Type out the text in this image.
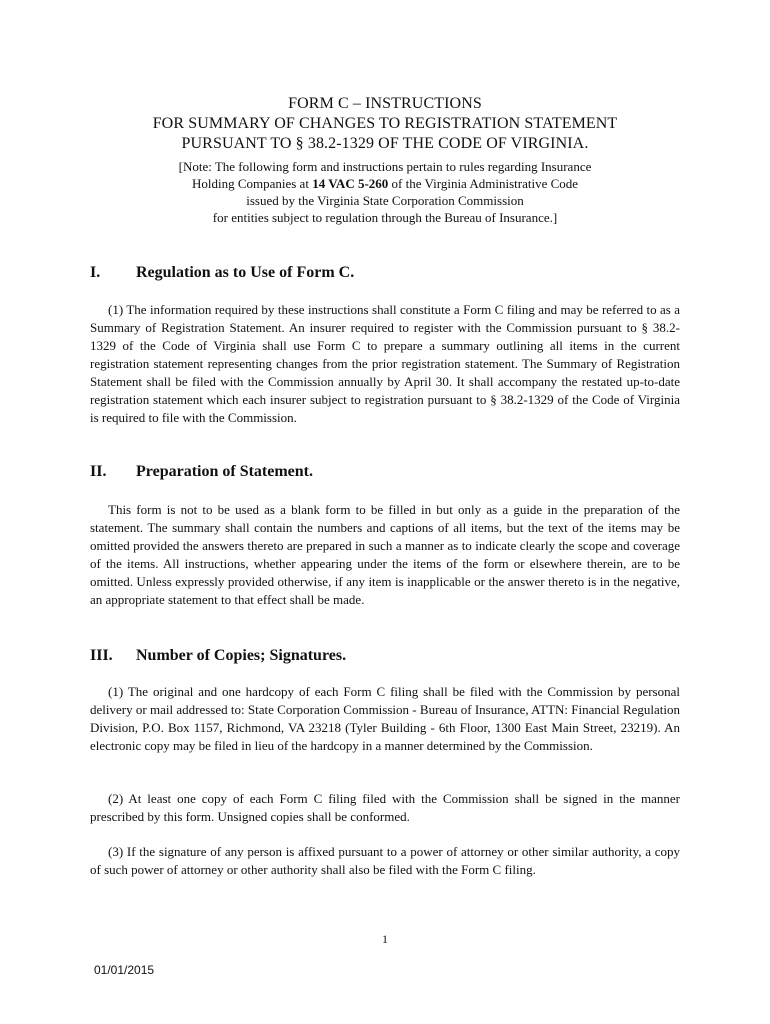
FORM C – INSTRUCTIONS
FOR SUMMARY OF CHANGES TO REGISTRATION STATEMENT
PURSUANT TO § 38.2-1329 OF THE CODE OF VIRGINIA.
[Note: The following form and instructions pertain to rules regarding Insurance
Holding Companies at 14 VAC 5-260 of the Virginia Administrative Code
issued by the Virginia State Corporation Commission
for entities subject to regulation through the Bureau of Insurance.]
I. Regulation as to Use of Form C.
(1) The information required by these instructions shall constitute a Form C filing and may be referred to as a Summary of Registration Statement. An insurer required to register with the Commission pursuant to § 38.2-1329 of the Code of Virginia shall use Form C to prepare a summary outlining all items in the current registration statement representing changes from the prior registration statement. The Summary of Registration Statement shall be filed with the Commission annually by April 30. It shall accompany the restated up-to-date registration statement which each insurer subject to registration pursuant to § 38.2-1329 of the Code of Virginia is required to file with the Commission.
II. Preparation of Statement.
This form is not to be used as a blank form to be filled in but only as a guide in the preparation of the statement. The summary shall contain the numbers and captions of all items, but the text of the items may be omitted provided the answers thereto are prepared in such a manner as to indicate clearly the scope and coverage of the items. All instructions, whether appearing under the items of the form or elsewhere therein, are to be omitted. Unless expressly provided otherwise, if any item is inapplicable or the answer thereto is in the negative, an appropriate statement to that effect shall be made.
III. Number of Copies; Signatures.
(1) The original and one hardcopy of each Form C filing shall be filed with the Commission by personal delivery or mail addressed to: State Corporation Commission - Bureau of Insurance, ATTN: Financial Regulation Division, P.O. Box 1157, Richmond, VA 23218 (Tyler Building - 6th Floor, 1300 East Main Street, 23219). An electronic copy may be filed in lieu of the hardcopy in a manner determined by the Commission.
(2) At least one copy of each Form C filing filed with the Commission shall be signed in the manner prescribed by this form. Unsigned copies shall be conformed.
(3) If the signature of any person is affixed pursuant to a power of attorney or other similar authority, a copy of such power of attorney or other authority shall also be filed with the Form C filing.
1
01/01/2015
